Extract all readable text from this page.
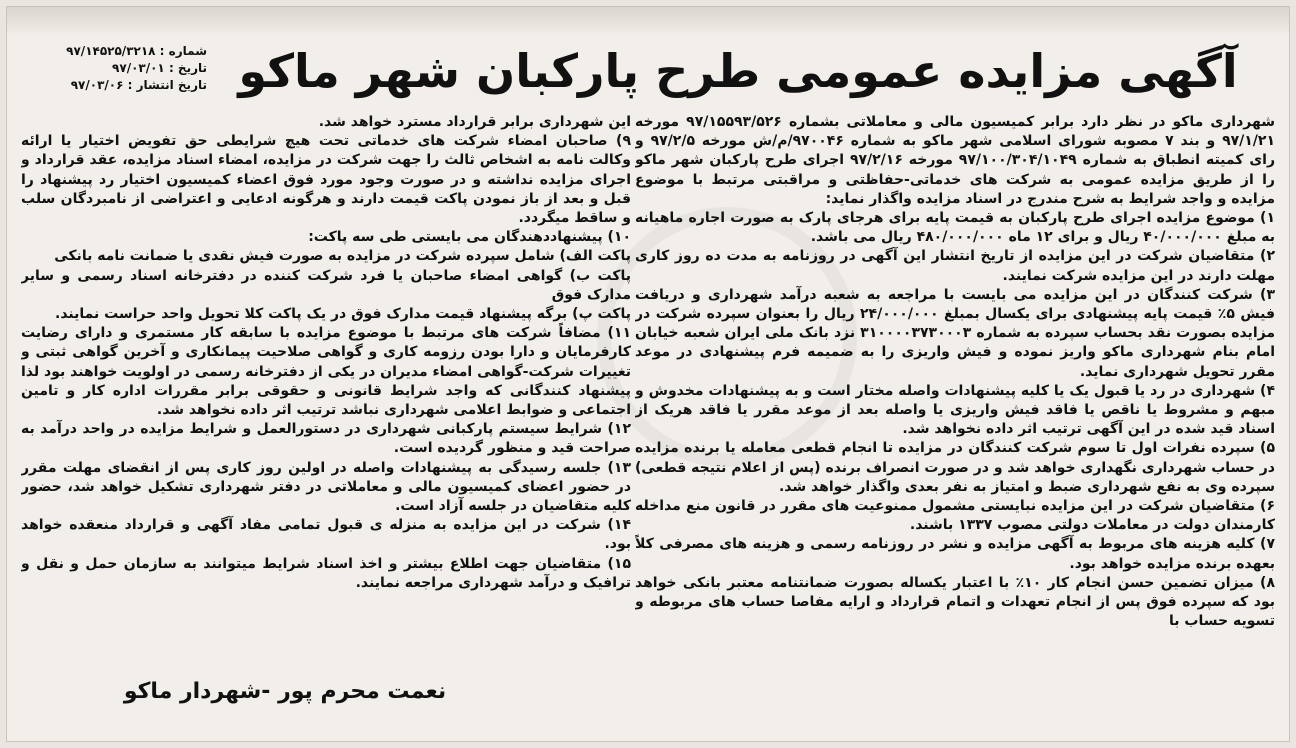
شماره : ۹۷/۱۴۵۲۵/۳۲۱۸
تاریخ : ۹۷/۰۳/۰۱
تاریخ انتشار : ۹۷/۰۳/۰۶ آگهی مزایده عمومی طرح پارکبان شهر ماکو

شهرداری ماکو در نظر دارد برابر کمیسیون مالی و معاملاتی بشماره ۹۷/۱۵۵۹۳/۵۲۶ مورخه ۹۷/۱/۲۱ و بند ۷ مصوبه شورای اسلامی شهر ماکو به شماره ۹۷۰۰۴۶/م/ش مورخه ۹۷/۲/۵ و رای کمیته انطباق به شماره ۹۷/۱۰۰/۳۰۴/۱۰۴۹ مورخه ۹۷/۲/۱۶ اجرای طرح پارکبان شهر ماکو را از طریق مزایده عمومی به شرکت های خدماتی-حفاظتی و مراقبتی مرتبط با موضوع مزایده و واجد شرایط به شرح مندرج در اسناد مزایده واگذار نماید:

۱) موضوع مزایده اجرای طرح پارکبان به قیمت پایه برای هرجای پارک به صورت اجاره ماهیانه به مبلغ ۴۰/۰۰۰/۰۰۰ ریال و برای ۱۲ ماه ۴۸۰/۰۰۰/۰۰۰ ریال می باشد.

۲) متقاضیان شرکت در این مزایده از تاریخ انتشار این آگهی در روزنامه به مدت ده روز کاری مهلت دارند در این مزایده شرکت نمایند.

۳) شرکت کنندگان در این مزایده می بایست با مراجعه به شعبه درآمد شهرداری و دریافت فیش ۵٪ قیمت پایه پیشنهادی برای یکسال بمبلغ ۲۴/۰۰۰/۰۰۰ ریال را بعنوان سپرده شرکت در مزایده بصورت نقد بحساب سپرده به شماره ۳۱۰۰۰۰۳۷۳۰۰۰۳ نزد بانک ملی ایران شعبه خیابان امام بنام شهرداری ماکو واریز نموده و فیش واریزی را به ضمیمه فرم پیشنهادی در موعد مقرر تحویل شهرداری نماید.

۴) شهرداری در رد یا قبول یک یا کلیه پیشنهادات واصله مختار است و به پیشنهادات مخدوش و مبهم و مشروط یا ناقص یا فاقد فیش واریزی یا واصله بعد از موعد مقرر یا فاقد هریک از اسناد قید شده در این آگهی ترتیب اثر داده نخواهد شد.

۵) سپرده نفرات اول تا سوم شرکت کنندگان در مزایده تا انجام قطعی معامله یا برنده مزایده در حساب شهرداری نگهداری خواهد شد و در صورت انصراف برنده (پس از اعلام نتیجه قطعی) سپرده وی به نفع شهرداری ضبط و امتیاز به نفر بعدی واگذار خواهد شد.

۶) متقاضیان شرکت در این مزایده نبایستی مشمول ممنوعیت های مقرر در قانون منع مداخله کارمندان دولت در معاملات دولتی مصوب ۱۳۳۷ باشند.

۷) کلیه هزینه های مربوط به آگهی مزایده و نشر در روزنامه رسمی و هزینه های مصرفی کلاً بعهده برنده مزایده خواهد بود.

۸) میزان تضمین حسن انجام کار ۱۰٪ با اعتبار یکساله بصورت ضمانتنامه معتبر بانکی خواهد بود که سپرده فوق پس از انجام تعهدات و اتمام قرارداد و ارایه مفاصا حساب های مربوطه و تسویه حساب با

این شهرداری برابر قرارداد مسترد خواهد شد.

۹) صاحبان امضاء شرکت های خدماتی تحت هیچ شرایطی حق تفویض اختیار یا ارائه وکالت نامه به اشخاص ثالث را جهت شرکت در مزایده، امضاء اسناد مزایده، عقد قرارداد و اجرای مزایده نداشته و در صورت وجود مورد فوق اعضاء کمیسیون اختیار رد پیشنهاد را قبل و بعد از باز نمودن پاکت قیمت دارند و هرگونه ادعایی و اعتراضی از نامبردگان سلب و ساقط میگردد.

۱۰) پیشنهاددهندگان می بایستی طی سه پاکت:

پاکت الف) شامل سپرده شرکت در مزایده به صورت فیش نقدی یا ضمانت نامه بانکی

پاکت ب) گواهی امضاء صاحبان یا فرد شرکت کننده در دفترخانه اسناد رسمی و سایر مدارک فوق

پاکت پ) برگه پیشنهاد قیمت مدارک فوق در یک پاکت کلا تحویل واحد حراست نمایند.

۱۱) مضافاً شرکت های مرتبط با موضوع مزایده با سابقه کار مستمری و دارای رضایت کارفرمایان و دارا بودن رزومه کاری و گواهی صلاحیت پیمانکاری و آخرین گواهی ثبتی و تغییرات شرکت-گواهی امضاء مدیران در یکی از دفترخانه رسمی در اولویت خواهند بود لذا پیشنهاد کنندگانی که واجد شرایط قانونی و حقوقی برابر مقررات اداره کار و تامین اجتماعی و ضوابط اعلامی شهرداری نباشد ترتیب اثر داده نخواهد شد.

۱۲) شرایط سیستم پارکبانی شهرداری در دستورالعمل و شرایط مزایده در واحد درآمد به صراحت قید و منظور گردیده است.

۱۳) جلسه رسیدگی به پیشنهادات واصله در اولین روز کاری پس از انقضای مهلت مقرر در حضور اعضای کمیسیون مالی و معاملاتی در دفتر شهرداری تشکیل خواهد شد، حضور کلیه متقاضیان در جلسه آزاد است.

۱۴) شرکت در این مزایده به منزله ی قبول تمامی مفاد آگهی و قرارداد منعقده خواهد بود.

۱۵) متقاضیان جهت اطلاع بیشتر و اخذ اسناد شرایط میتوانند به سازمان حمل و نقل و ترافیک و درآمد شهرداری مراجعه نمایند.

نعمت محرم پور -شهردار ماکو
